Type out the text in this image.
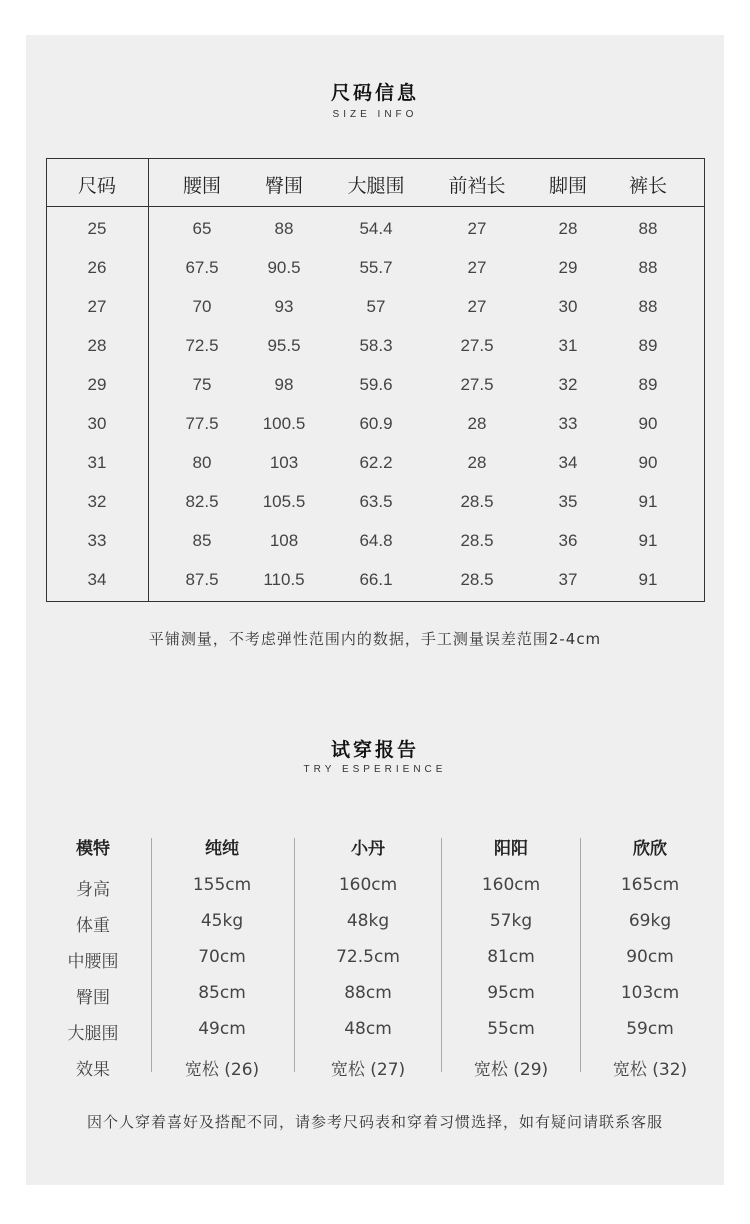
尺码信息
SIZE INFO
尺码	腰围 臀围 大腿围 前裆长 脚围 裤长
25	65	88	54.4	27	28	88
26	67.5	90.5	55.7	27	29	88
27	70	93	57	27	30	88
28	72.5	95.5	58.3	27.5	31	89
29	75	98	59.6	27.5	32	89
30	77.5	100.5	60.9	28	33	90
31	80	103	62.2	28	34	90
32	82.5	105.5	63.5	28.5	35	91
33	85	108	64.8	28.5	36	91
34	87.5	110.5	66.1	28.5	37	91
平铺测量，不考虑弹性范围内的数据，手工测量误差范围2-4cm
试穿报告
TRY ESPERIENCE
模特	纯纯	小丹	阳阳	欣欣
身高	155cm	160cm	160cm	165cm
体重	45kg	48kg	57kg	69kg
中腰围	70cm	72.5cm	81cm	90cm
臀围	85cm	88cm	95cm	103cm
大腿围	49cm	48cm	55cm	59cm
效果	宽松 (26)	宽松 (27)	宽松 (29)	宽松 (32)
因个人穿着喜好及搭配不同，请参考尺码表和穿着习惯选择，如有疑问请联系客服
